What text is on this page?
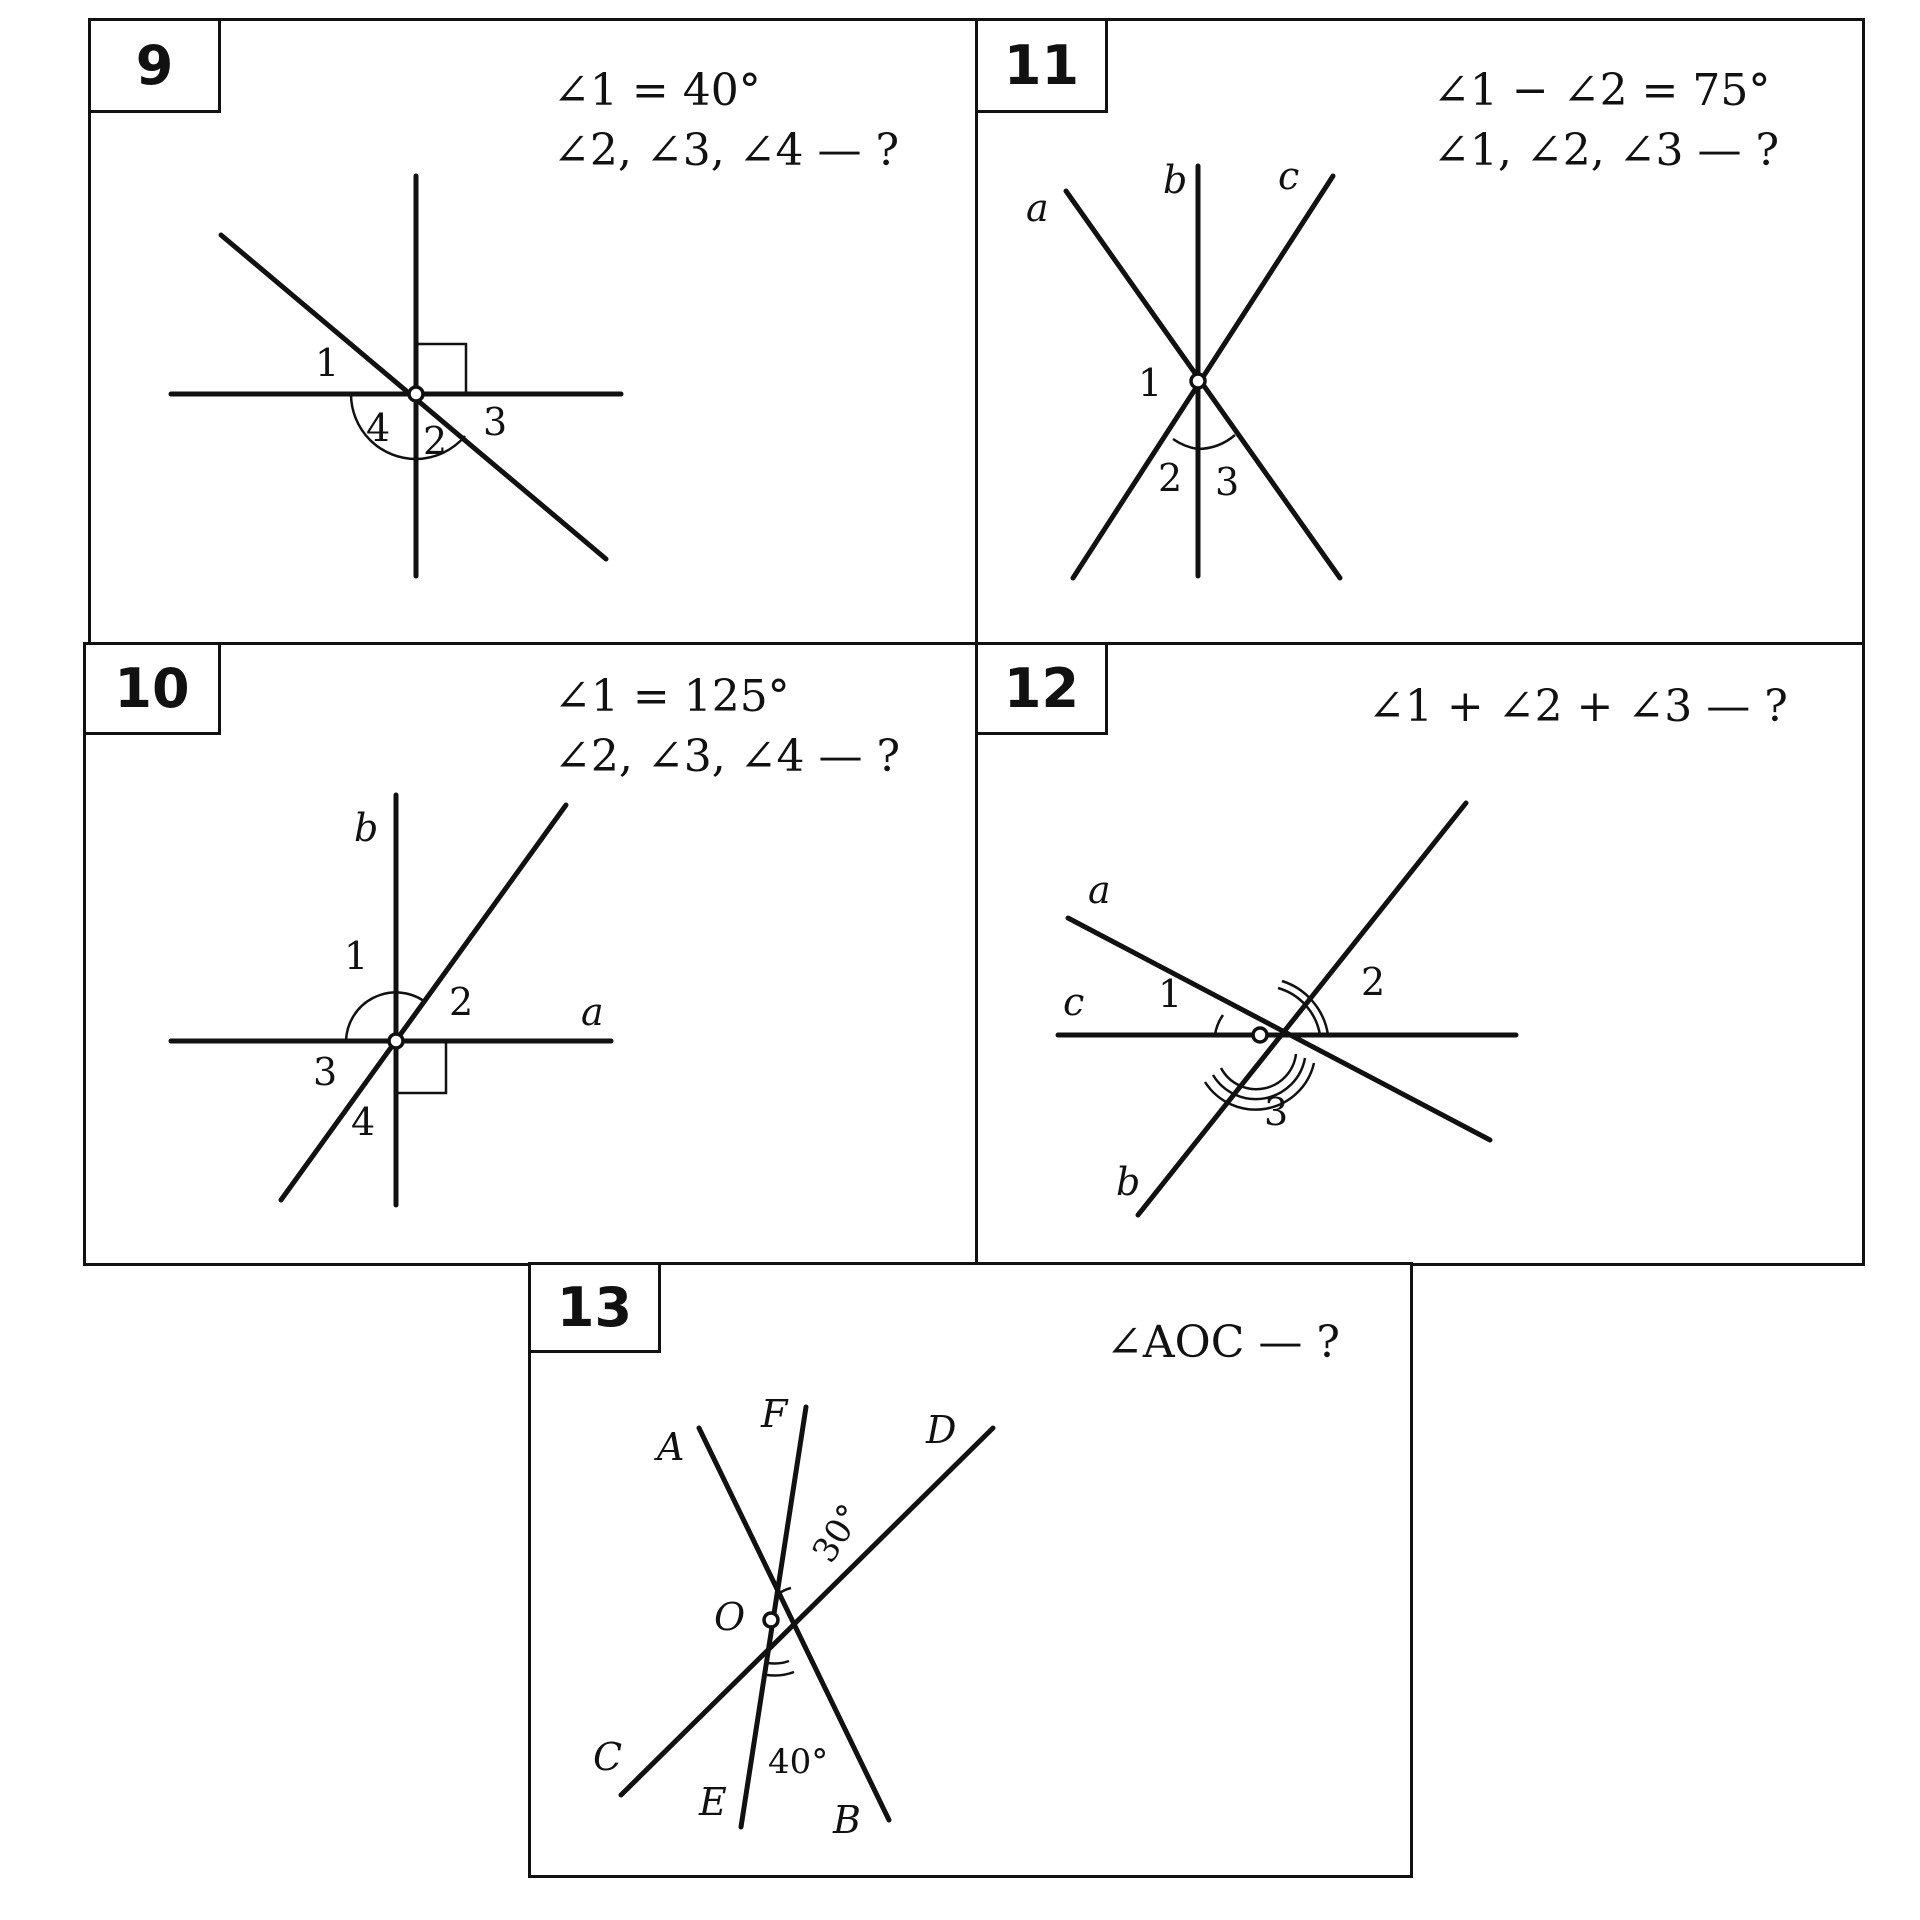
9	∠1 = 40°
∠2, ∠3, ∠4 — ?
1
2 3
4
11	∠1 − ∠2 = 75°
∠1, ∠2, ∠3 — ?
a
b c
1
2 3
10	∠1 = 125°
∠2, ∠3, ∠4 — ?
b
a
1
2
3
4
12	∠1 + ∠2 + ∠3 — ?
a
c
b
1	2
3
13
∠AOC — ?
A
F	D
O
C
E	B
30°
40°
